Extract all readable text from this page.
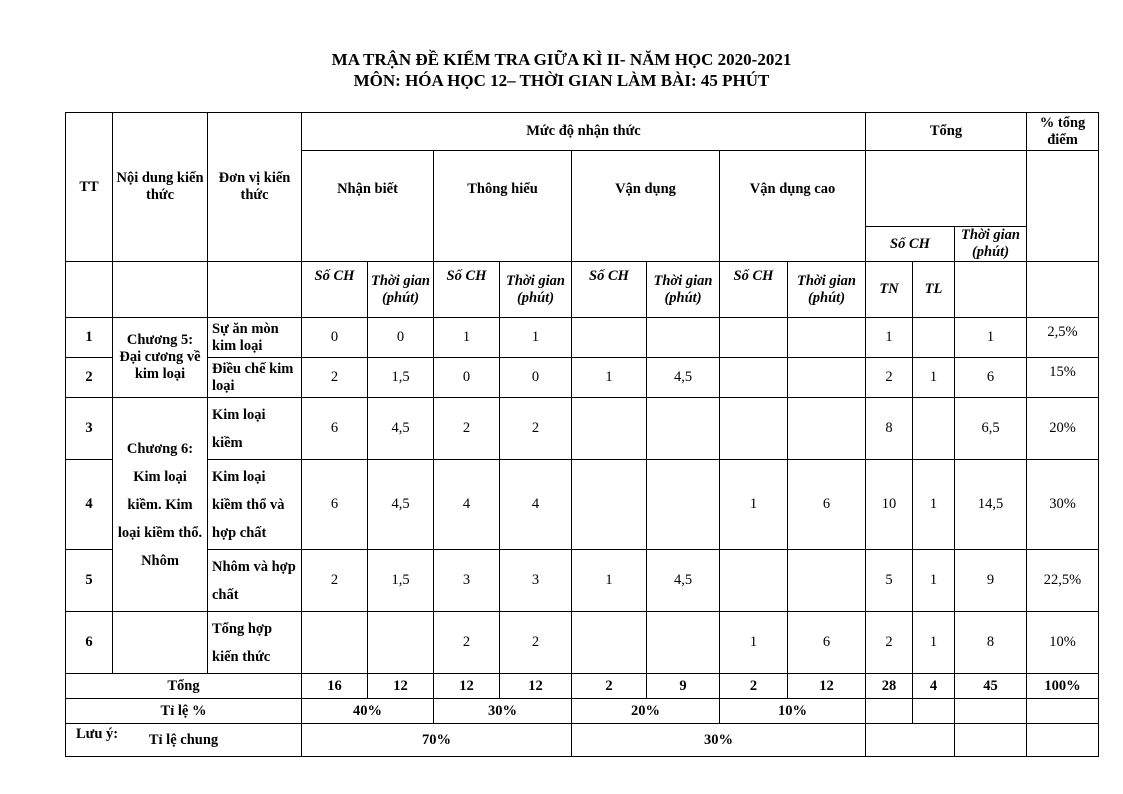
MA TRẬN ĐỀ KIỂM TRA GIỮA KÌ II- NĂM HỌC 2020-2021
MÔN: HÓA HỌC 12– THỜI GIAN LÀM BÀI: 45 PHÚT
TT	Nội dung kiến thức	Đơn vị kiến thức	Mức độ nhận thức								Tổng			% tổng điểm
			Nhận biết		Thông hiểu		Vận dụng		Vận dụng cao					
											Số CH		Thời gian (phút)	
			Số CH	Thời gian (phút)	Số CH	Thời gian (phút)	Số CH	Thời gian (phút)	Số CH	Thời gian (phút)	TN	TL		
1	Chương 5: Đại cương về kim loại	Sự ăn mòn kim loại	0	0	1	1					1		1	2,5%
2		Điều chế kim loại	2	1,5	0	0	1	4,5			2	1	6	15%
3	Chương 6: Kim loại kiềm. Kim loại kiềm thổ. Nhôm	Kim loại kiềm	6	4,5	2	2					8		6,5	20%
4		Kim loại kiềm thổ và hợp chất	6	4,5	4	4			1	6	10	1	14,5	30%
5		Nhôm và hợp chất	2	1,5	3	3	1	4,5			5	1	9	22,5%
6		Tổng hợp kiến thức			2	2			1	6	2	1	8	10%
Tổng			16	12	12	12	2	9	2	12	28	4	45	100%
Tỉ lệ %			40%		30%		20%		10%					
Tỉ lệ chung			70%				30%							
Lưu ý:
